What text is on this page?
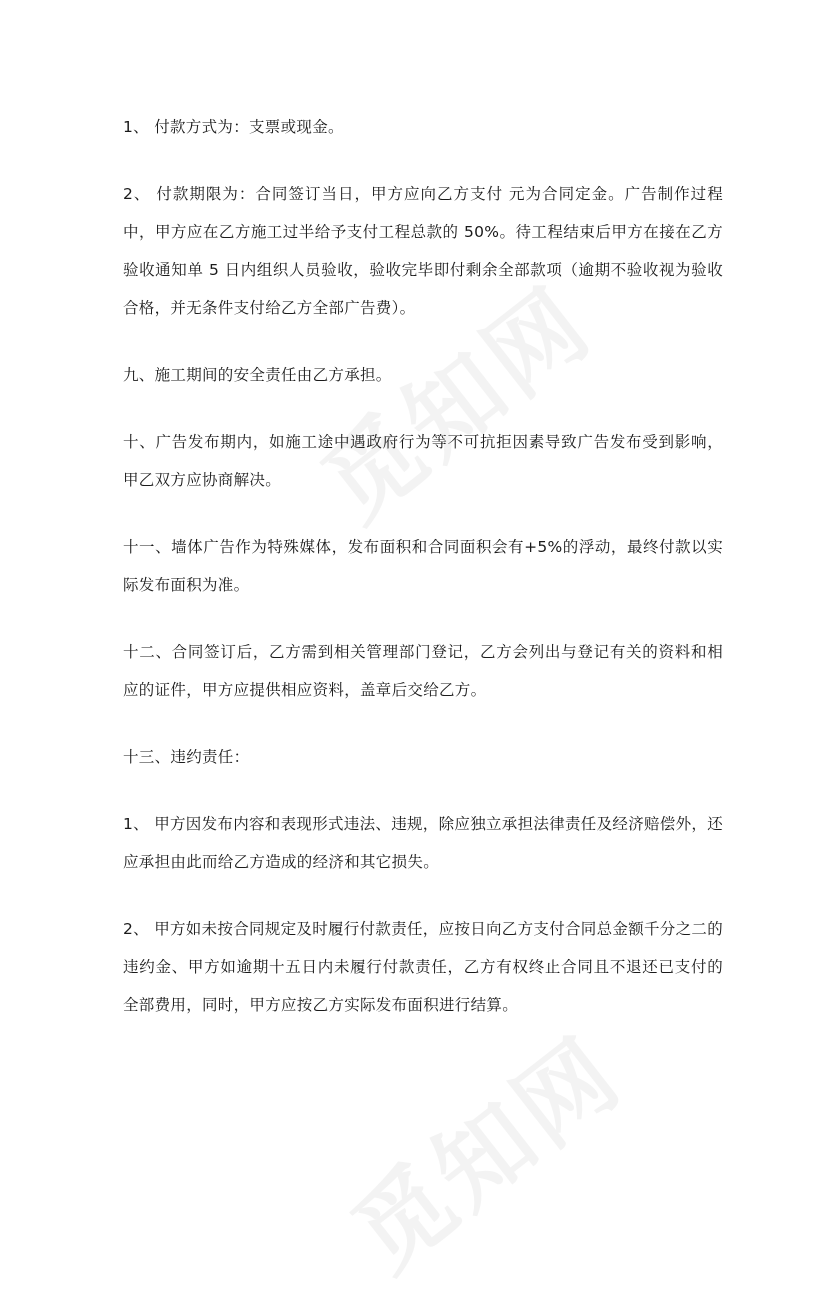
1、 付款方式为：支票或现金。

2、 付款期限为：合同签订当日，甲方应向乙方支付 元为合同定金。广告制作过程中，甲方应在乙方施工过半给予支付工程总款的 50%。待工程结束后甲方在接在乙方验收通知单 5 日内组织人员验收，验收完毕即付剩余全部款项（逾期不验收视为验收合格，并无条件支付给乙方全部广告费）。

九、施工期间的安全责任由乙方承担。

十、广告发布期内，如施工途中遇政府行为等不可抗拒因素导致广告发布受到影响，甲乙双方应协商解决。

十一、墙体广告作为特殊媒体，发布面积和合同面积会有+5%的浮动，最终付款以实际发布面积为准。

十二、合同签订后，乙方需到相关管理部门登记，乙方会列出与登记有关的资料和相应的证件，甲方应提供相应资料，盖章后交给乙方。

十三、违约责任：

1、 甲方因发布内容和表现形式违法、违规，除应独立承担法律责任及经济赔偿外，还应承担由此而给乙方造成的经济和其它损失。

2、 甲方如未按合同规定及时履行付款责任，应按日向乙方支付合同总金额千分之二的违约金、甲方如逾期十五日内未履行付款责任，乙方有权终止合同且不退还已支付的全部费用，同时，甲方应按乙方实际发布面积进行结算。
